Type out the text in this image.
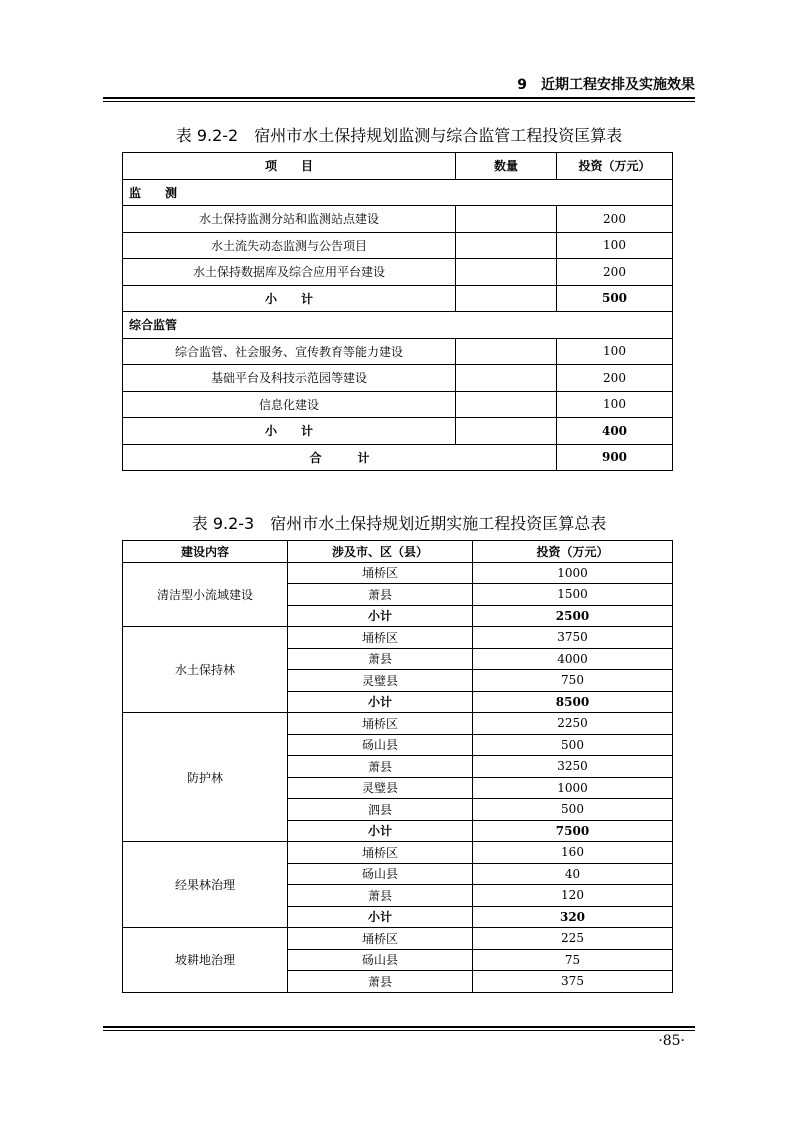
9　近期工程安排及实施效果
表 9.2-2　宿州市水土保持规划监测与综合监管工程投资匡算表
项　　目	数量	投资（万元）
监　　测		
水土保持监测分站和监测站点建设		200
水土流失动态监测与公告项目		100
水土保持数据库及综合应用平台建设		200
小　　计		500
综合监管		
综合监管、社会服务、宣传教育等能力建设		100
基础平台及科技示范园等建设		200
信息化建设		100
小　　计		400
合　　　计		900
表 9.2-3　宿州市水土保持规划近期实施工程投资匡算总表
建设内容	涉及市、区（县）	投资（万元）
清洁型小流域建设	埇桥区	1000
	萧县	1500
	小计	2500
水土保持林	埇桥区	3750
	萧县	4000
	灵璧县	750
	小计	8500
防护林	埇桥区	2250
	砀山县	500
	萧县	3250
	灵璧县	1000
	泗县	500
	小计	7500
经果林治理	埇桥区	160
	砀山县	40
	萧县	120
	小计	320
坡耕地治理	埇桥区	225
	砀山县	75
	萧县	375
·85·
